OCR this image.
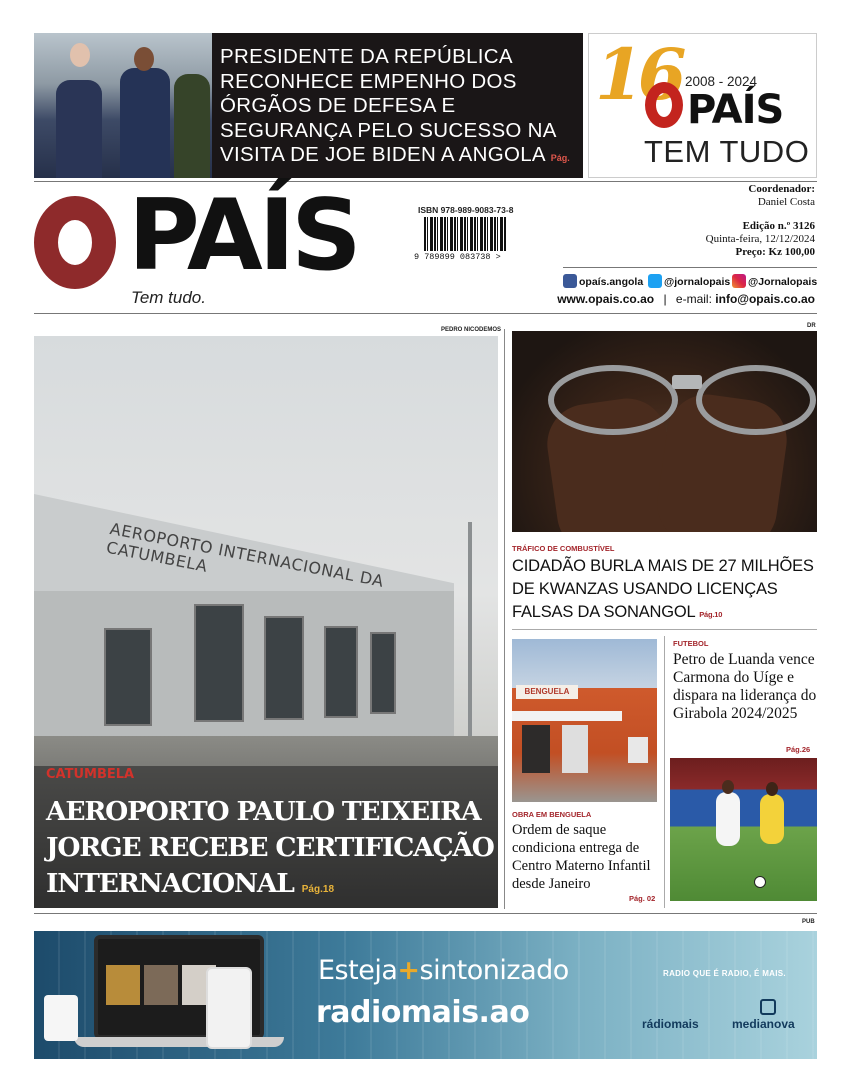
PRESIDENTE DA REPÚBLICA RECONHECE EMPENHO DOS ÓRGÃOS DE DEFESA E SEGURANÇA PELO SUCESSO NA VISITA DE JOE BIDEN A ANGOLA Pág.
16 2008 - 2024
PAÍS
TEM TUDO
PAÍS
Tem tudo.
ISBN 978-989-9083-73-8
9 789899 083738 >
Coordenador:
Daniel Costa
Edição n.º 3126
Quinta-feira, 12/12/2024
Preço: Kz 100,00
opaís.angola	@jornalopais	@Jornalopais
www.opais.co.ao | e-mail: info@opais.co.ao
PEDRO NICODEMOS
AEROPORTO INTERNACIONAL DA CATUMBELA
CATUMBELA
AEROPORTO PAULO TEIXEIRA JORGE RECEBE CERTIFICAÇÃO INTERNACIONAL Pág.18
DR
TRÁFICO DE COMBUSTÍVEL
CIDADÃO BURLA MAIS DE 27 MILHÕES DE KWANZAS USANDO LICENÇAS FALSAS DA SONANGOL Pág.10
BENGUELA
OBRA EM BENGUELA
Ordem de saque condiciona entrega de Centro Materno Infantil desde Janeiro
Pág. 02
FUTEBOL
Petro de Luanda vence Carmona do Uíge e dispara na liderança do Girabola 2024/2025
Pág.26
PUB
Esteja+sintonizado
radiomais.ao
RADIO QUE É RADIO, É MAIS.
rádiomais	medianova
